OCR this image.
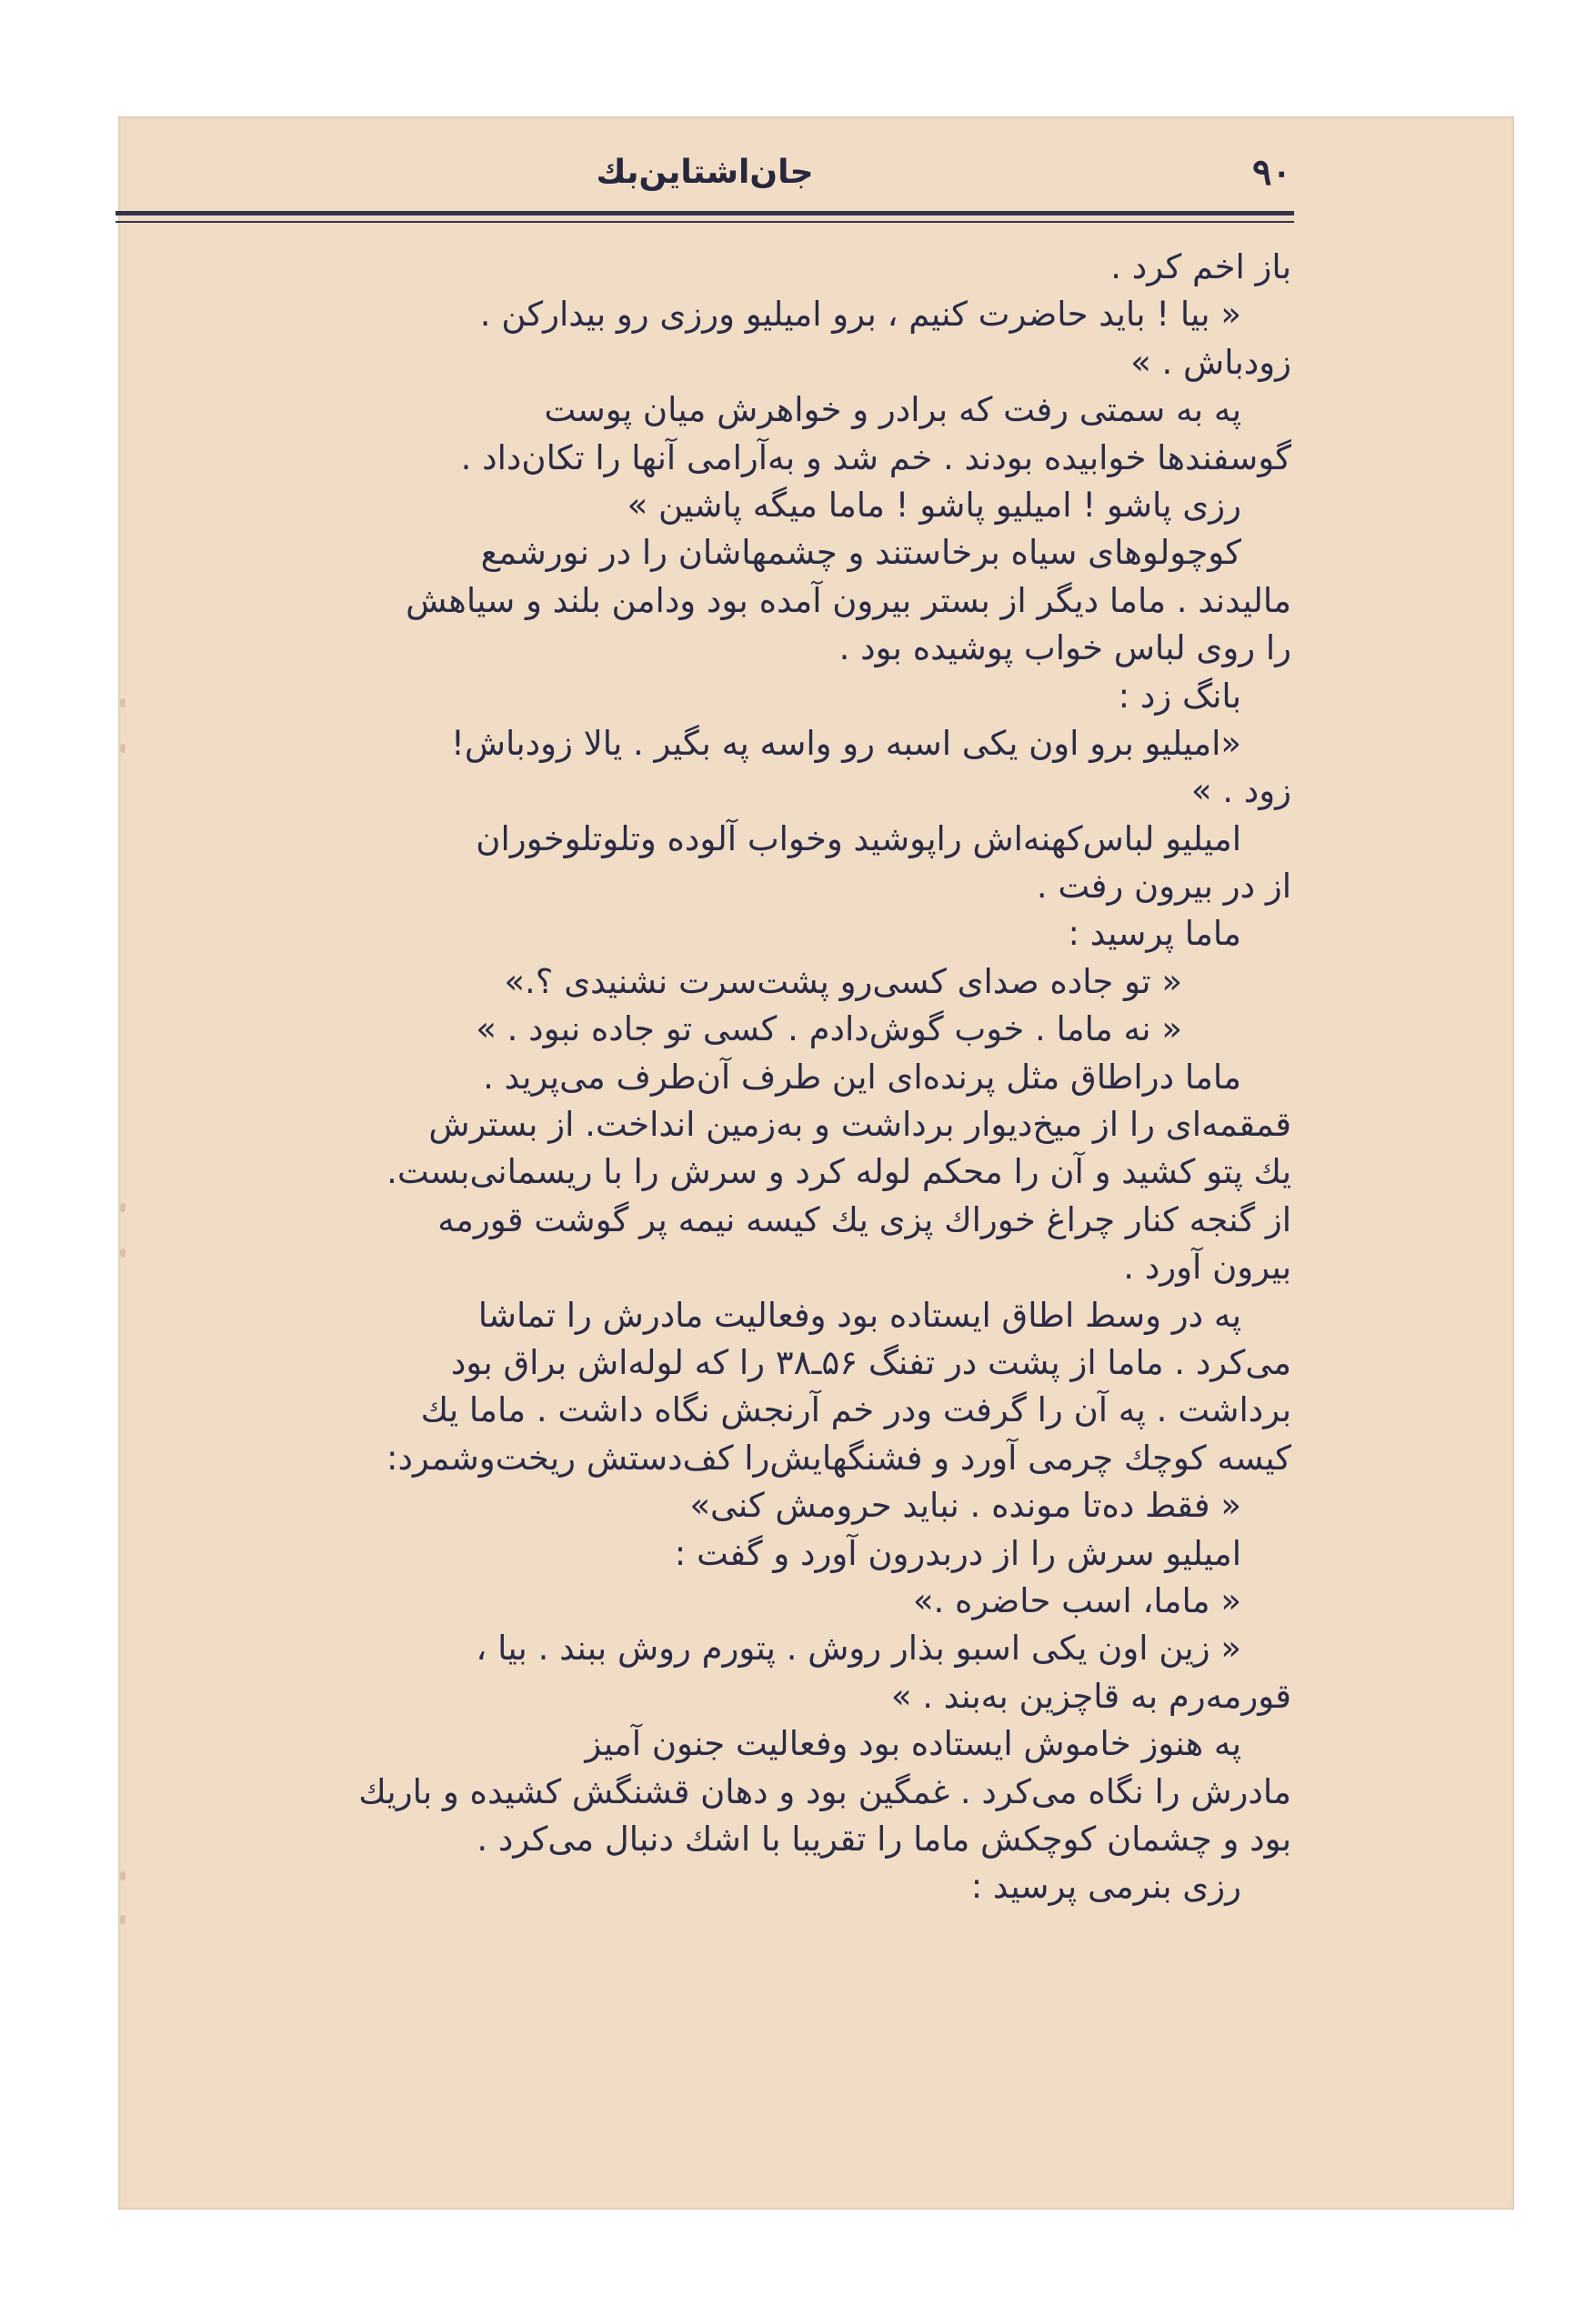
جان‌اشتاین‌بك	۹۰
باز اخم کرد .
« بیا ! باید حاضرت کنیم ، برو امیلیو ورزی رو بیدارکن .
زودباش . »
په به سمتی رفت که برادر و خواهرش میان پوست
گوسفندها خوابیده بودند . خم شد و به‌آرامی آنها را تکان‌داد .
رزی پاشو ! امیلیو پاشو ! ماما میگه پاشین »
کوچولوهای سیاه برخاستند و چشمهاشان را در نورشمع
مالیدند . ماما دیگر از بستر بیرون آمده بود ودامن بلند و سیاهش
را روی لباس خواب پوشیده بود .
بانگ زد :
«امیلیو برو اون یکی اسبه رو واسه په بگیر . یالا زودباش!
زود . »
امیلیو لباس‌کهنه‌اش راپوشید وخواب آلوده وتلوتلوخوران
از در بیرون رفت .
ماما پرسید :
« تو جاده صدای کسی‌رو پشت‌سرت نشنیدی ؟.»
« نه ماما . خوب گوش‌دادم . کسی تو جاده نبود . »
ماما دراطاق مثل پرنده‌ای این طرف آن‌طرف می‌پرید .
قمقمه‌ای را از میخ‌دیوار برداشت و به‌زمین انداخت. از بسترش
یك پتو کشید و آن را محکم لوله کرد و سرش را با ریسمانی‌بست.
از گنجه کنار چراغ خوراك پزی یك کیسه نیمه پر گوشت قورمه
بیرون آورد .
په در وسط اطاق ایستاده بود وفعالیت مادرش را تماشا
می‌کرد . ماما از پشت در تفنگ ۵۶ـ۳۸ را که لوله‌اش براق بود
برداشت . په آن را گرفت ودر خم آرنجش نگاه داشت . ماما یك
کیسه کوچك چرمی آورد و فشنگهایش‌را کف‌دستش ریخت‌وشمرد:
« فقط ده‌تا مونده . نباید حرومش کنی»
امیلیو سرش را از دربدرون آورد و گفت :
« ماما، اسب حاضره .»
« زین اون یکی اسبو بذار روش . پتورم روش ببند . بیا ،
قورمه‌رم به قاچزین به‌بند . »
په هنوز خاموش ایستاده بود وفعالیت جنون آمیز
مادرش را نگاه می‌کرد . غمگین بود و دهان قشنگش کشیده و باریك
بود و چشمان کوچکش ماما را تقریبا با اشك دنبال می‌کرد .
رزی بنرمی پرسید :
